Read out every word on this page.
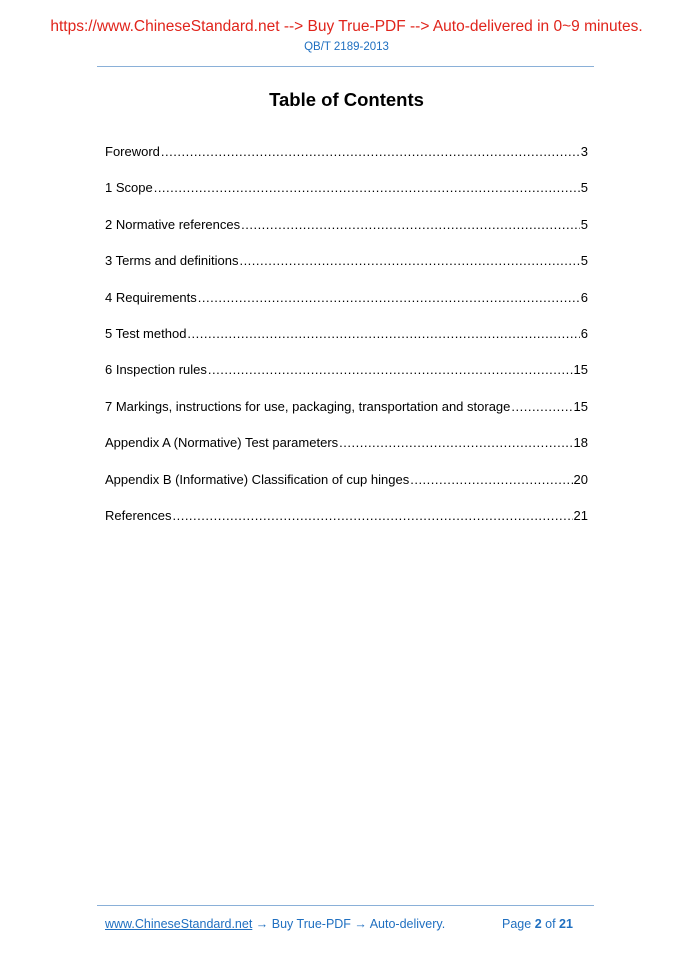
https://www.ChineseStandard.net --> Buy True-PDF --> Auto-delivered in 0~9 minutes.
QB/T 2189-2013
Table of Contents
Foreword .....	3
1 Scope .....	5
2 Normative references .....	5
3 Terms and definitions .....	5
4 Requirements .....	6
5 Test method .....	6
6 Inspection rules .....	15
7 Markings, instructions for use, packaging, transportation and storage .....	15
Appendix A (Normative) Test parameters .....	18
Appendix B (Informative) Classification of cup hinges .....	20
References .....	21
www.ChineseStandard.net → Buy True-PDF → Auto-delivery.	Page 2 of 21
